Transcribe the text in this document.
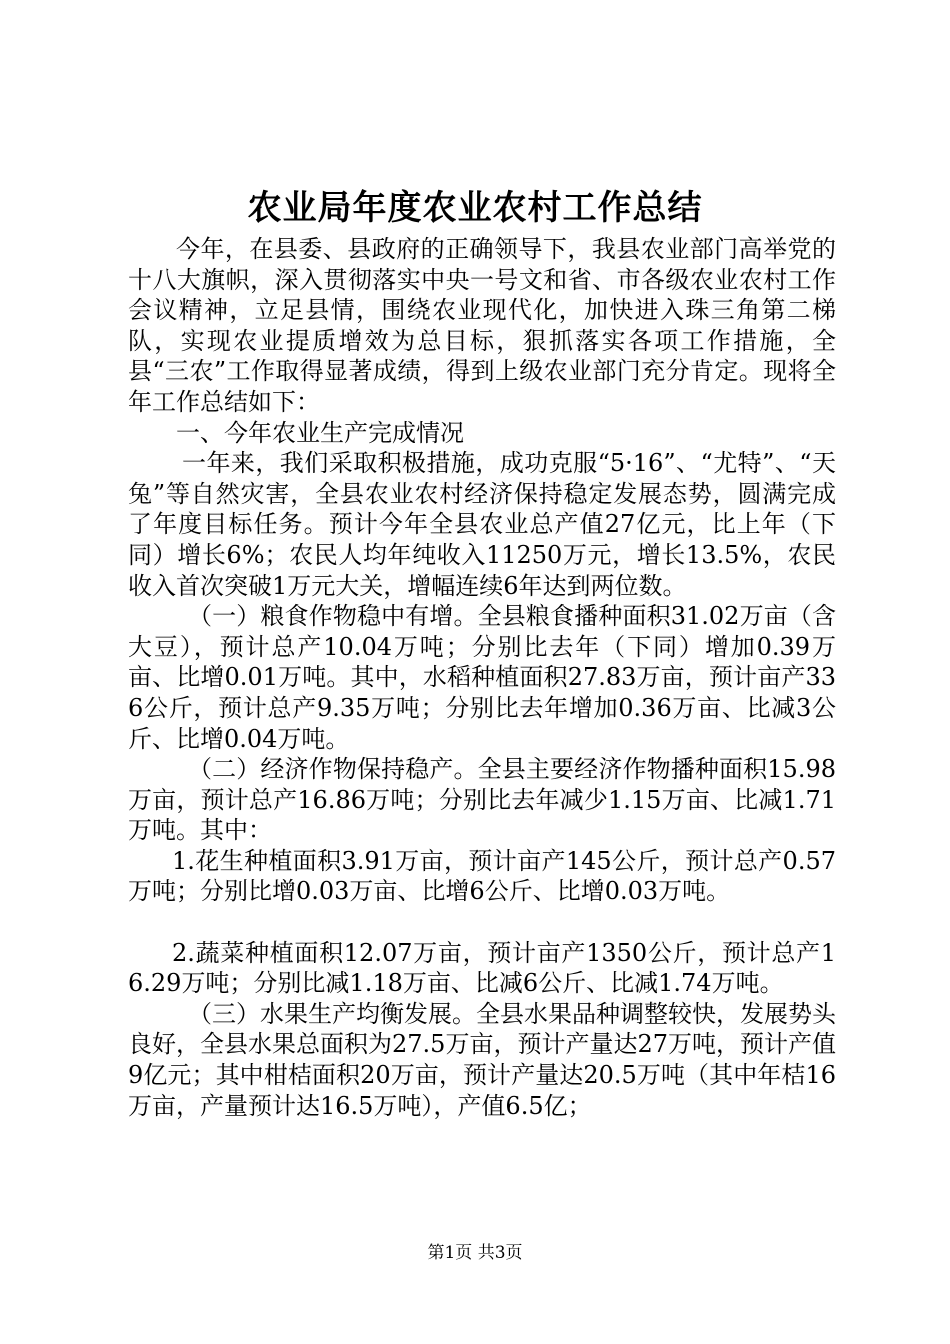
农业局年度农业农村工作总结

今年，在县委、县政府的正确领导下，我县农业部门高举党的十八大旗帜，深入贯彻落实中央一号文和省、市各级农业农村工作会议精神，立足县情，围绕农业现代化，加快进入珠三角第二梯队，实现农业提质增效为总目标，狠抓落实各项工作措施，全县“三农”工作取得显著成绩，得到上级农业部门充分肯定。现将全年工作总结如下：

一、今年农业生产完成情况

一年来，我们采取积极措施，成功克服“5·16”、“尤特”、“天兔”等自然灾害，全县农业农村经济保持稳定发展态势，圆满完成了年度目标任务。预计今年全县农业总产值27亿元，比上年（下同）增长6%；农民人均年纯收入11250万元，增长13.5%，农民收入首次突破1万元大关，增幅连续6年达到两位数。

（一）粮食作物稳中有增。全县粮食播种面积31.02万亩（含大豆），预计总产10.04万吨；分别比去年（下同）增加0.39万亩、比增0.01万吨。其中，水稻种植面积27.83万亩，预计亩产336公斤，预计总产9.35万吨；分别比去年增加0.36万亩、比减3公斤、比增0.04万吨。

（二）经济作物保持稳产。全县主要经济作物播种面积15.98万亩，预计总产16.86万吨；分别比去年减少1.15万亩、比减1.71万吨。其中：

1.花生种植面积3.91万亩，预计亩产145公斤，预计总产0.57万吨；分别比增0.03万亩、比增6公斤、比增0.03万吨。

2.蔬菜种植面积12.07万亩，预计亩产1350公斤，预计总产16.29万吨；分别比减1.18万亩、比减6公斤、比减1.74万吨。

（三）水果生产均衡发展。全县水果品种调整较快，发展势头良好，全县水果总面积为27.5万亩，预计产量达27万吨，预计产值9亿元；其中柑桔面积20万亩，预计产量达20.5万吨（其中年桔16万亩，产量预计达16.5万吨），产值6.5亿；

第1页 共3页
